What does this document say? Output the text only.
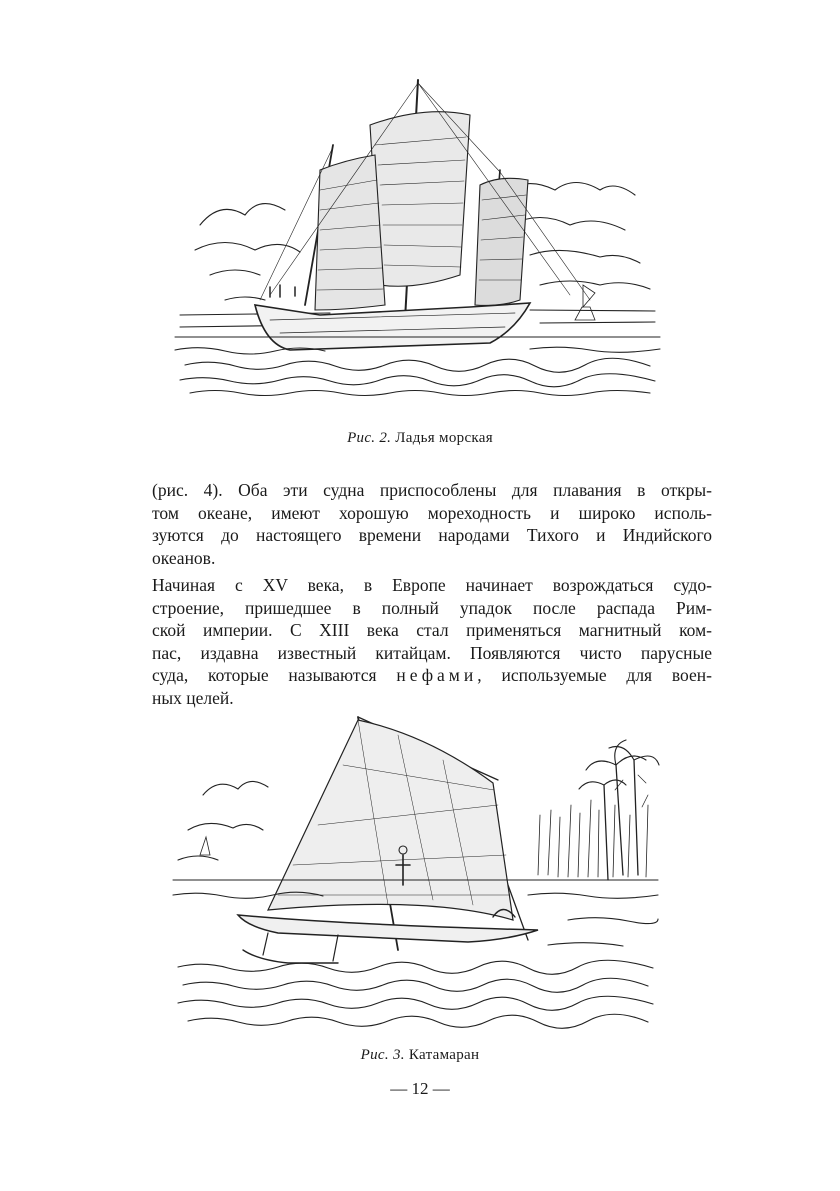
Рис. 2. Ладья морская
(рис. 4). Оба эти судна приспособлены для плавания в откры-
том океане, имеют хорошую мореходность и широко исполь-
зуются до настоящего времени народами Тихого и Индийского
океанов.
Начиная с XV века, в Европе начинает возрождаться судо-
строение, пришедшее в полный упадок после распада Рим-
ской империи. С XIII века стал применяться магнитный ком-
пас, издавна известный китайцам. Появляются чисто парусные
суда, которые называются нефами, используемые для воен-
ных целей.
Рис. 3. Катамаран
— 12 —
